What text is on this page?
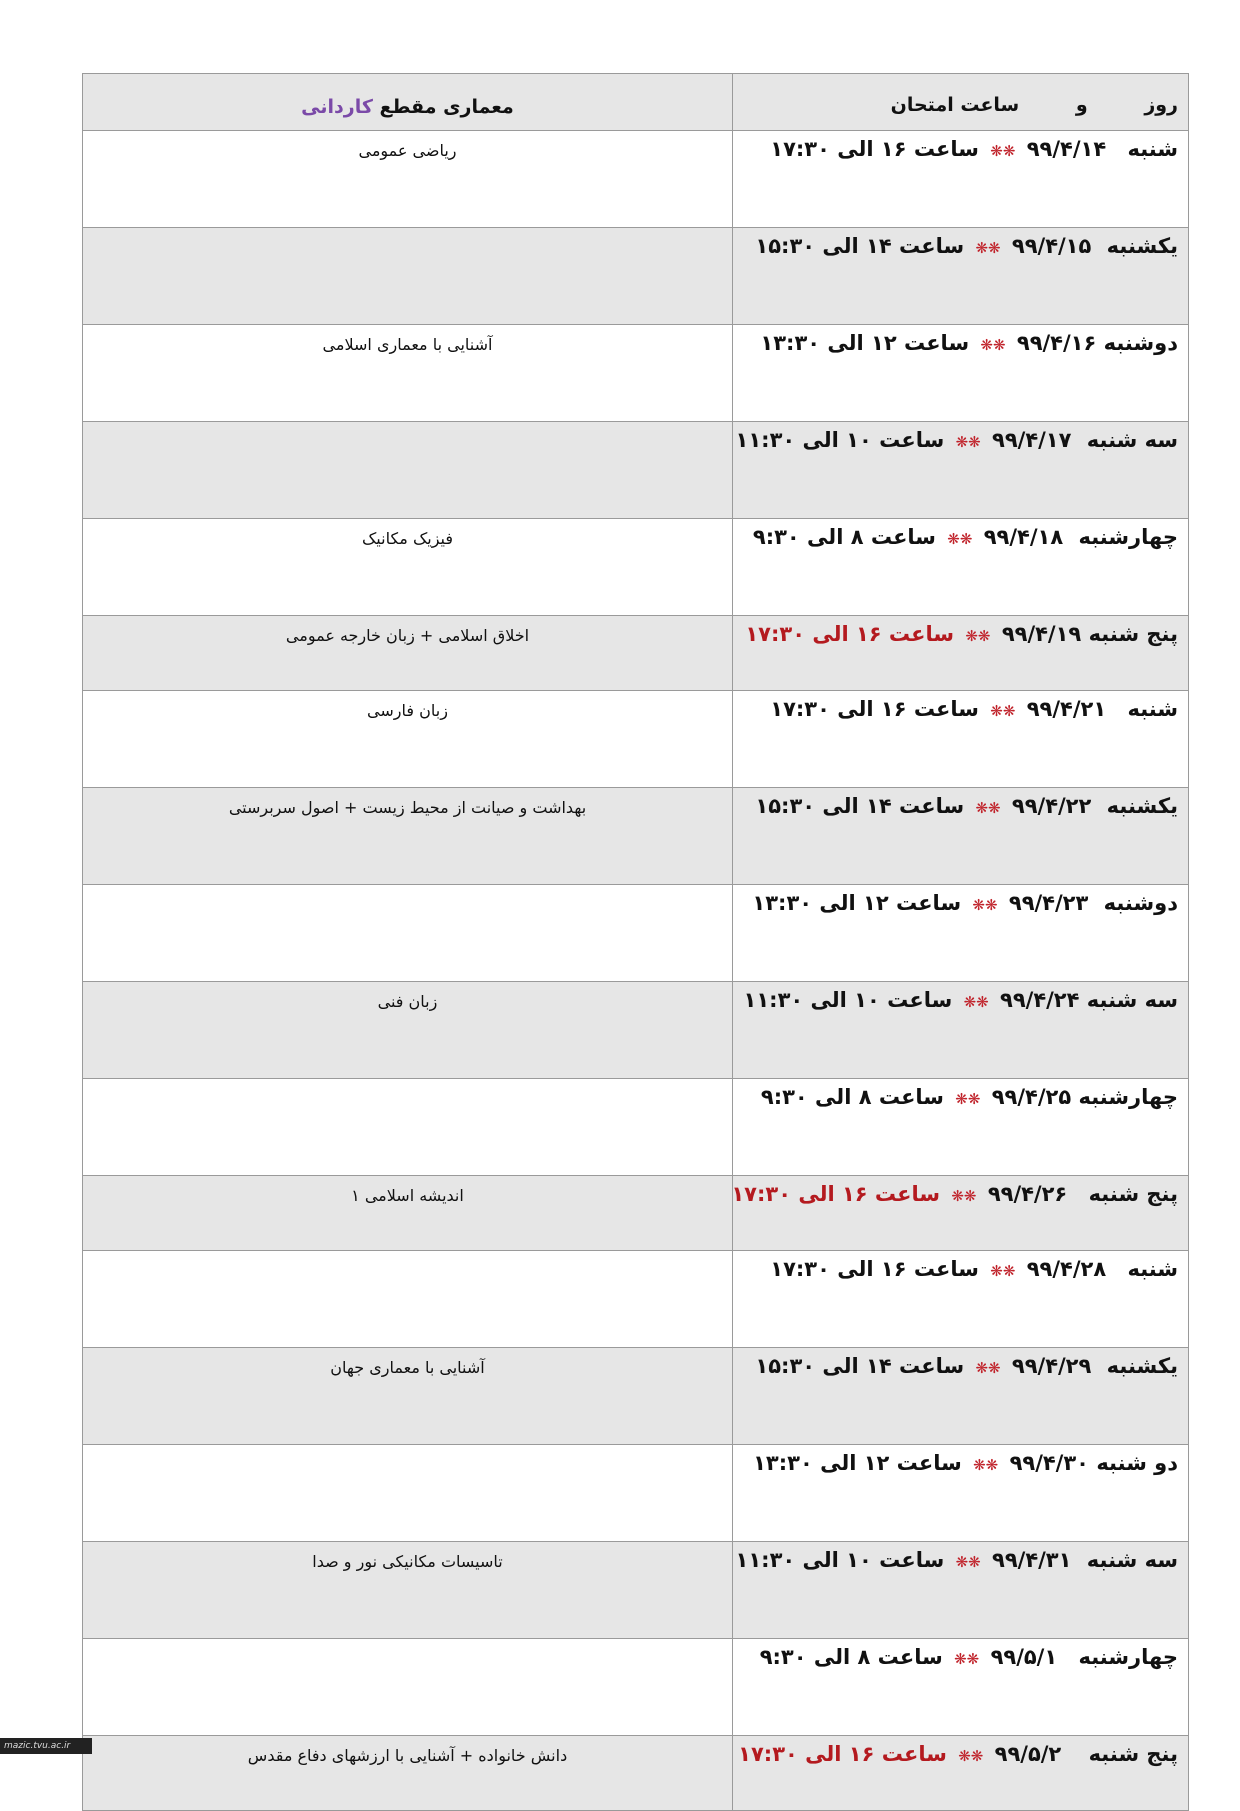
معماری مقطع کاردانی	روز و ساعت امتحان
ریاضی عمومی	شنبه ۹۹/۴/۱۴ ❋❋ ساعت ۱۶ الی ۱۷:۳۰
	یکشنبه ۹۹/۴/۱۵ ❋❋ ساعت ۱۴ الی ۱۵:۳۰
آشنایی با معماری اسلامی	دوشنبه ۹۹/۴/۱۶ ❋❋ ساعت ۱۲ الی ۱۳:۳۰
	سه شنبه ۹۹/۴/۱۷ ❋❋ ساعت ۱۰ الی ۱۱:۳۰
فیزیک مکانیک	چهارشنبه ۹۹/۴/۱۸ ❋❋ ساعت ۸ الی ۹:۳۰
اخلاق اسلامی + زبان خارجه عمومی	پنج شنبه ۹۹/۴/۱۹ ❋❋ ساعت ۱۶ الی ۱۷:۳۰
زبان فارسی	شنبه ۹۹/۴/۲۱ ❋❋ ساعت ۱۶ الی ۱۷:۳۰
بهداشت و صیانت از محیط زیست + اصول سربرستی	یکشنبه ۹۹/۴/۲۲ ❋❋ ساعت ۱۴ الی ۱۵:۳۰
	دوشنبه ۹۹/۴/۲۳ ❋❋ ساعت ۱۲ الی ۱۳:۳۰
زبان فنی	سه شنبه ۹۹/۴/۲۴ ❋❋ ساعت ۱۰ الی ۱۱:۳۰
	چهارشنبه ۹۹/۴/۲۵ ❋❋ ساعت ۸ الی ۹:۳۰
اندیشه اسلامی ۱	پنج شنبه ۹۹/۴/۲۶ ❋❋ ساعت ۱۶ الی ۱۷:۳۰
	شنبه ۹۹/۴/۲۸ ❋❋ ساعت ۱۶ الی ۱۷:۳۰
آشنایی با معماری جهان	یکشنبه ۹۹/۴/۲۹ ❋❋ ساعت ۱۴ الی ۱۵:۳۰
	دو شنبه ۹۹/۴/۳۰ ❋❋ ساعت ۱۲ الی ۱۳:۳۰
تاسیسات مکانیکی نور و صدا	سه شنبه ۹۹/۴/۳۱ ❋❋ ساعت ۱۰ الی ۱۱:۳۰
	چهارشنبه ۹۹/۵/۱ ❋❋ ساعت ۸ الی ۹:۳۰
دانش خانواده + آشنایی با ارزشهای دفاع مقدس	پنج شنبه ۹۹/۵/۲ ❋❋ ساعت ۱۶ الی ۱۷:۳۰
mazic.tvu.ac.ir
